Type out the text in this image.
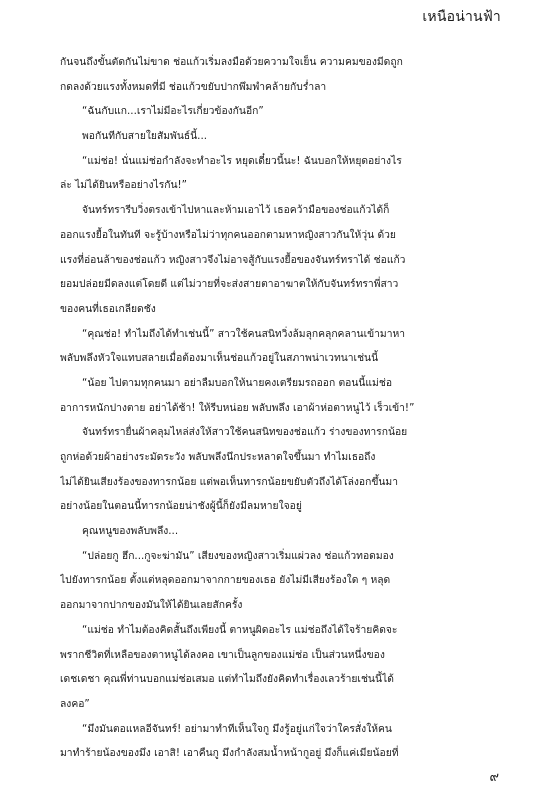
เหนือน่านฟ้า
กันจนถึงขั้นตัดกันไม่ขาด ช่อแก้วเริ่มลงมือด้วยความใจเย็น ความคมของมีดถูก
กดลงด้วยแรงทั้งหมดที่มี ช่อแก้วขยับปากพึมพำคล้ายกับร่ำลา
“ฉันกับแก...เราไม่มีอะไรเกี่ยวข้องกันอีก”
พอกันทีกับสายใยสัมพันธ์นี้...
“แม่ช่อ! นั่นแม่ช่อกำลังจะทำอะไร หยุดเดี๋ยวนี้นะ! ฉันบอกให้หยุดอย่างไร
ล่ะ ไม่ได้ยินหรืออย่างไรกัน!”
จันทร์ทรารีบวิ่งตรงเข้าไปหาและห้ามเอาไว้ เธอคว้ามือของช่อแก้วได้ก็
ออกแรงยื้อในทันที จะรู้บ้างหรือไม่ว่าทุกคนออกตามหาหญิงสาวกันให้วุ่น ด้วย
แรงที่อ่อนล้าของช่อแก้ว หญิงสาวจึงไม่อาจสู้กับแรงยื้อของจันทร์ทราได้ ช่อแก้ว
ยอมปล่อยมีดลงแต่โดยดี แต่ไม่วายที่จะส่งสายตาอาฆาตให้กับจันทร์ทราพี่สาว
ของคนที่เธอเกลียดชัง
“คุณช่อ! ทำไมถึงได้ทำเช่นนี้” สาวใช้คนสนิทวิ่งล้มลุกคลุกคลานเข้ามาหา
พลับพลึงหัวใจแทบสลายเมื่อต้องมาเห็นช่อแก้วอยู่ในสภาพน่าเวทนาเช่นนี้
“น้อย ไปตามทุกคนมา อย่าลืมบอกให้นายคงเตรียมรถออก ตอนนี้แม่ช่อ
อาการหนักปางตาย อย่าได้ช้า! ให้รีบหน่อย พลับพลึง เอาผ้าห่อตาหนูไว้ เร็วเข้า!”
จันทร์ทรายื่นผ้าคลุมไหล่ส่งให้สาวใช้คนสนิทของช่อแก้ว ร่างของทารกน้อย
ถูกห่อด้วยผ้าอย่างระมัดระวัง พลับพลึงนึกประหลาดใจขึ้นมา ทำไมเธอถึง
ไม่ได้ยินเสียงร้องของทารกน้อย แต่พอเห็นทารกน้อยขยับตัวถึงได้โล่งอกขึ้นมา
อย่างน้อยในตอนนี้ทารกน้อยน่าชังผู้นี้ก็ยังมีลมหายใจอยู่
คุณหนูของพลับพลึง...
“ปล่อยกู ฮึก...กูจะฆ่ามัน” เสียงของหญิงสาวเริ่มแผ่วลง ช่อแก้วทอดมอง
ไปยังทารกน้อย ตั้งแต่หลุดออกมาจากกายของเธอ ยังไม่มีเสียงร้องใด ๆ หลุด
ออกมาจากปากของมันให้ได้ยินเลยสักครั้ง
“แม่ช่อ ทำไมต้องคิดสั้นถึงเพียงนี้ ตาหนูผิดอะไร แม่ช่อถึงได้ใจร้ายคิดจะ
พรากชีวิตที่เหลือของตาหนูได้ลงคอ เขาเป็นลูกของแม่ช่อ เป็นส่วนหนึ่งของ
เดชเดชา คุณพี่ท่านบอกแม่ช่อเสมอ แต่ทำไมถึงยังคิดทำเรื่องเลวร้ายเช่นนี้ได้
ลงคอ”
“มึงมันตอแหลอีจันทร์! อย่ามาทำทีเห็นใจกู มึงรู้อยู่แก่ใจว่าใครสั่งให้คน
มาทำร้ายน้องของมึง เอาสิ! เอาคืนกู มึงกำลังสมน้ำหน้ากูอยู่ มึงก็แค่เมียน้อยที่
๙
